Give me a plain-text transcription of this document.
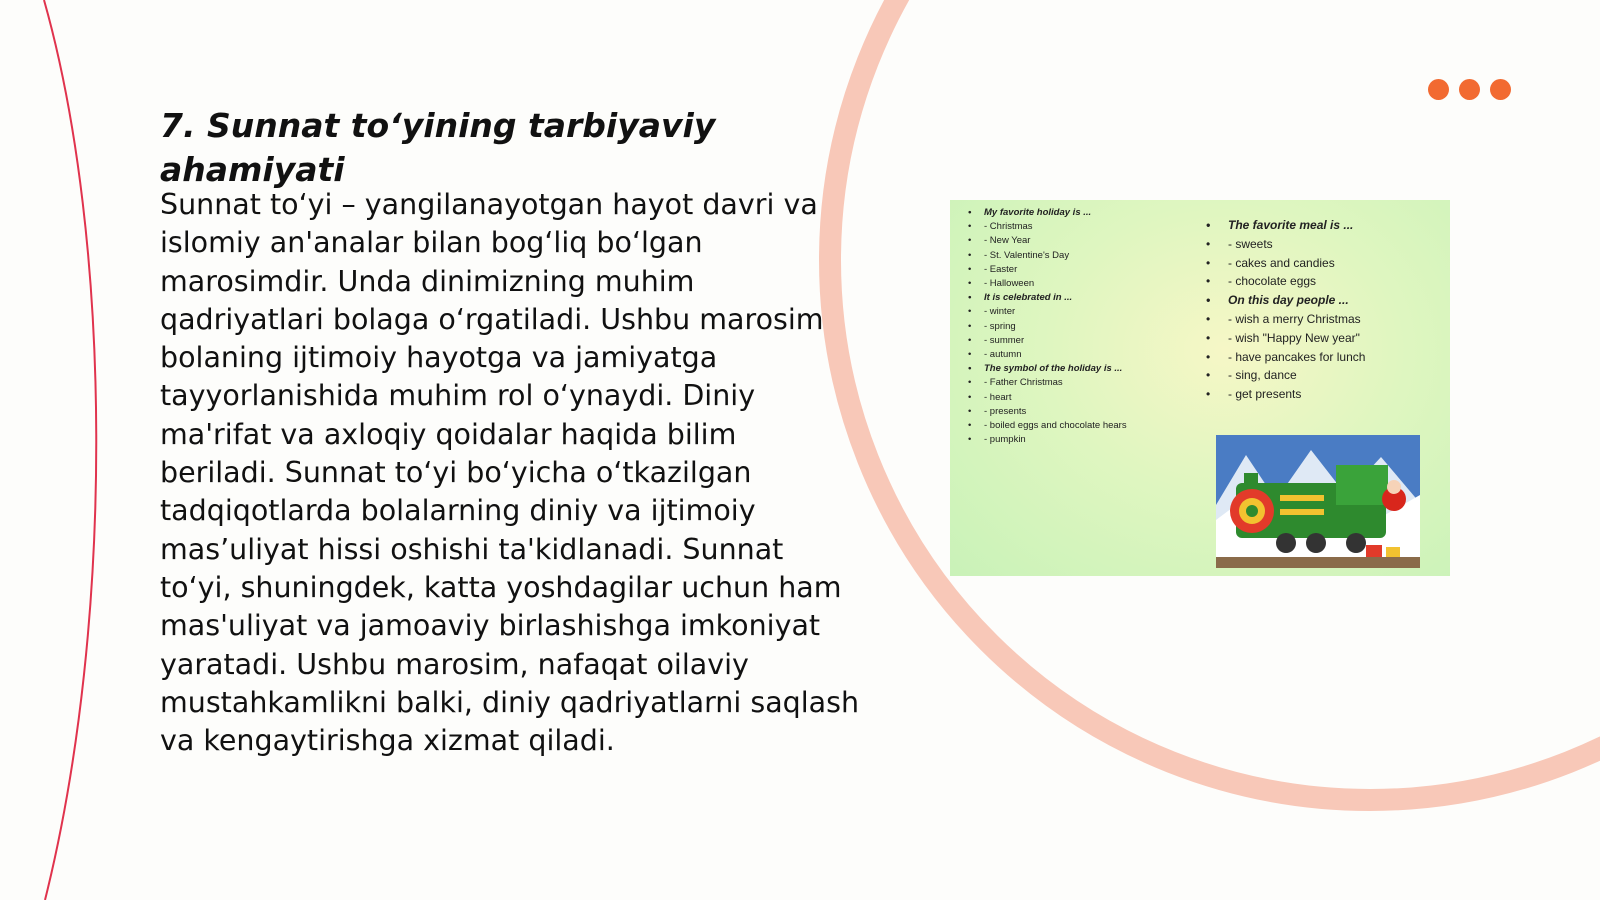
7. Sunnat to‘yining tarbiyaviy ahamiyati

Sunnat to‘yi – yangilanayotgan hayot davri va islomiy an'analar bilan bog‘liq bo‘lgan marosimdir. Unda dinimizning muhim qadriyatlari bolaga o‘rgatiladi. Ushbu marosim bolaning ijtimoiy hayotga va jamiyatga tayyorlanishida muhim rol o‘ynaydi. Diniy ma'rifat va axloqiy qoidalar haqida bilim beriladi. Sunnat to‘yi bo‘yicha o‘tkazilgan tadqiqotlarda bolalarning diniy va ijtimoiy mas’uliyat hissi oshishi ta'kidlanadi. Sunnat to‘yi, shuningdek, katta yoshdagilar uchun ham mas'uliyat va jamoaviy birlashishga imkoniyat yaratadi. Ushbu marosim, nafaqat oilaviy mustahkamlikni balki, diniy qadriyatlarni saqlash va kengaytirishga xizmat qiladi.

• My favorite holiday is ...
• - Christmas
• - New Year
• - St. Valentine's Day
• - Easter
• - Halloween
• It is celebrated in ...
• - winter
• - spring
• - summer
• - autumn
• The symbol of the holiday is ...
• - Father Christmas
• - heart
• - presents
• - boiled eggs and chocolate hears
• - pumpkin
• The favorite meal is ...
• - sweets
• - cakes and candies
• - chocolate eggs
• On this day people ...
• - wish a merry Christmas
• - wish "Happy New year"
• - have pancakes for lunch
• - sing, dance
• - get presents
